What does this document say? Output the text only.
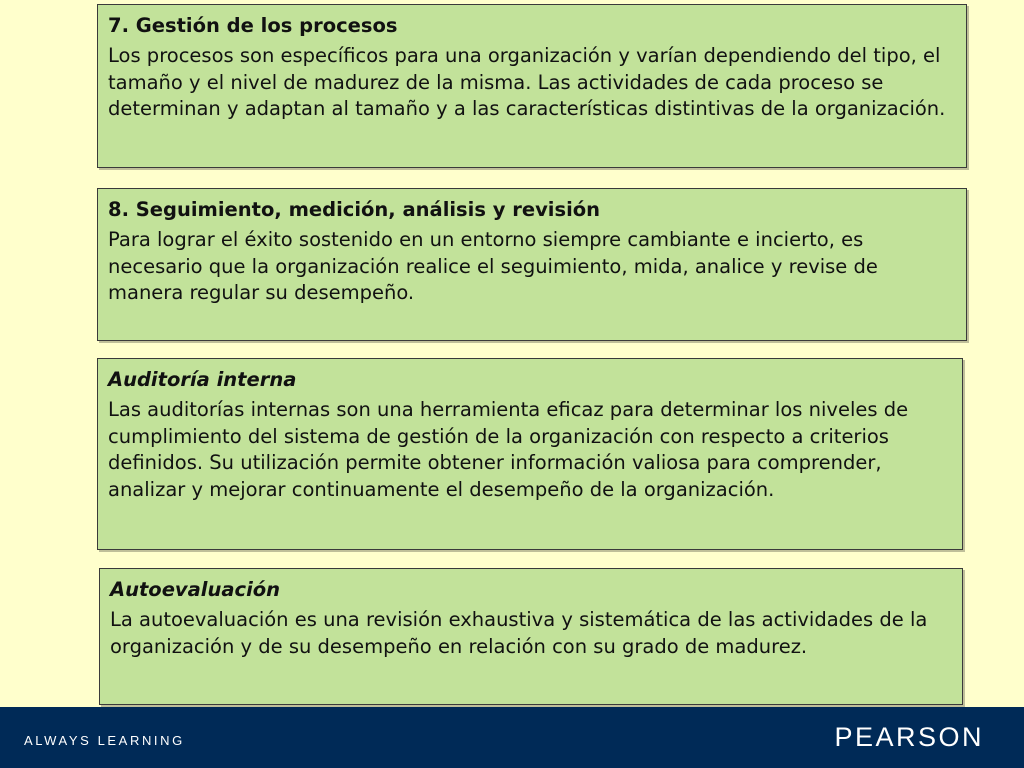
7. Gestión de los procesos

Los procesos son específicos para una organización y varían dependiendo del tipo, el tamaño y el nivel de madurez de la misma. Las actividades de cada proceso se determinan y adaptan al tamaño y a las características distintivas de la organización.

8. Seguimiento, medición, análisis y revisión

Para lograr el éxito sostenido en un entorno siempre cambiante e incierto, es necesario que la organización realice el seguimiento, mida, analice y revise de manera regular su desempeño.

Auditoría interna

Las auditorías internas son una herramienta eficaz para determinar los niveles de cumplimiento del sistema de gestión de la organización con respecto a criterios definidos. Su utilización permite obtener información valiosa para comprender, analizar y mejorar continuamente el desempeño de la organización.

Autoevaluación

La autoevaluación es una revisión exhaustiva y sistemática de las actividades de la organización y de su desempeño en relación con su grado de madurez.

ALWAYS LEARNING	PEARSON
